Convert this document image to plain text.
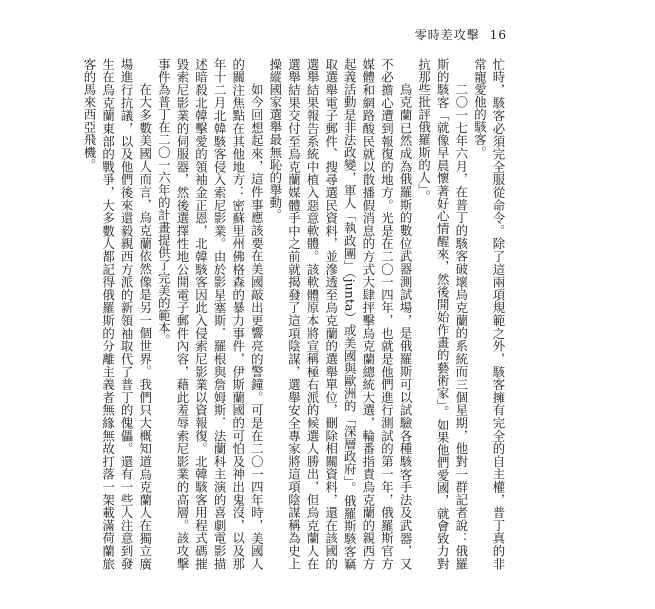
零時差攻擊 16

忙時，駭客必須完全服從命令。除了這兩項規範之外，駭客擁有完全的自主權，普丁真的非常寵愛他的駭客。

二〇一七年六月，在普丁的駭客破壞烏克蘭的系統而三個星期，他對一群記者說：俄羅斯的駭客「就像早晨懷著好心情醒來，然後開始作畫的藝術家」。如果他們愛國，就會致力對抗那些批評俄羅斯的人」。

烏克蘭已然成為俄羅斯的數位武器測試場，是俄羅斯可以試驗各種駭客手法及武器，又不必擔心遭到報復的地方。光是在二〇一四年，也就是他們進行測試的第一年，俄羅斯官方媒體和網路酸民就以散播假消息的方式大肆抨擊烏克蘭總統大選，輪番指責烏克蘭的親西方起義活動是非法政變，軍人「執政團」（junta）或美國與歐洲的「深層政府」。俄羅斯駭客竊取選舉電子郵件、搜尋選民資料，並滲透至烏克蘭的選舉單位，刪除相關資料，還在該國的選舉結果報告系統中植入惡意軟體。該軟體原本將宣稱極右派的候選人勝出，但烏克蘭人在選舉結果交付至烏克蘭媒體手中之前就揭發了這項陰謀，選舉安全專家將這項陰謀稱為史上操縱國家選舉最無恥的舉動。

如今回想起來，這件事應該要在美國敲出更響亮的警鐘。可是在二〇一四年時，美國人的關注焦點在其他地方：密蘇里州佛格森的暴力事件，伊斯蘭國的可怕及神出鬼沒，以及那年十二月北韓駭客侵入索尼影業。由於影星塞斯．羅根與詹姆斯．法蘭科主演的喜劇電影描述暗殺北韓擊愛的領袖金正恩，北韓駭客因此入侵索尼影業以資報復。北韓駭客用程式碼摧毀索尼影業的伺服器，然後選擇性地公開電子郵件內容，藉此羞辱索尼影業的高層。該攻擊事件為普丁在二〇一六年的計畫提供了完美的範本。

在大多數美國人而言，烏克蘭依然像是另一個世界。我們只大概知道烏克蘭人在獨立廣場進行抗議，以及他們後來還毅親西方派的新領袖取代了普丁的傀儡。還有一些人注意到發生在烏克蘭東部的戰爭，大多數人都記得俄羅斯的分離主義者無緣無故打落一架載滿荷蘭旅客的馬來西亞飛機。
